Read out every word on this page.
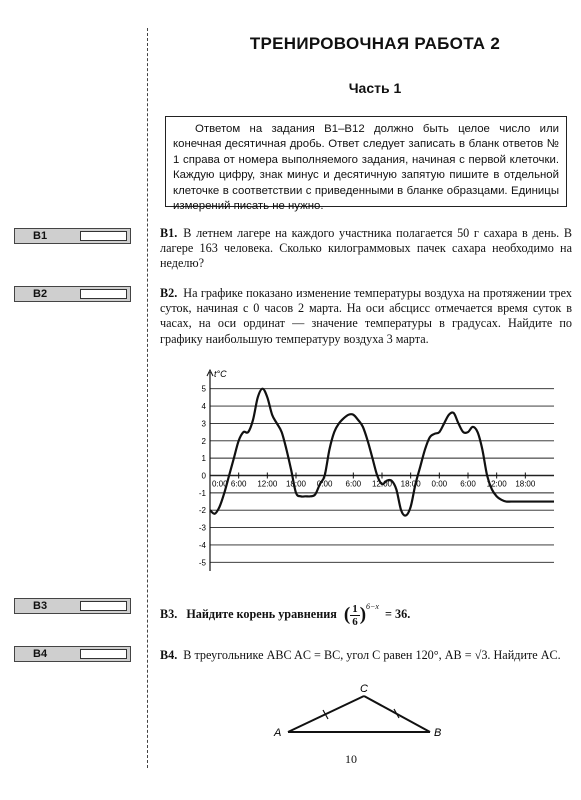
ТРЕНИРОВОЧНАЯ РАБОТА 2
Часть 1
Ответом на задания В1–В12 должно быть целое число или конечная десятичная дробь. Ответ следует записать в бланк ответов № 1 справа от номера выполняемого задания, начиная с первой клеточки. Каждую цифру, знак минус и десятичную запятую пишите в отдельной клеточке в соответствии с приведенными в бланке образцами. Единицы измерений писать не нужно.
В1
В2
В3
В4
В1. В летнем лагере на каждого участника полагается 50 г сахара в день. В лагере 163 человека. Сколько килограммовых пачек сахара необходимо на неделю?
В2. На графике показано изменение температуры воздуха на протяжении трех суток, начиная с 0 часов 2 марта. На оси абсцисс отмечается время суток в часах, на оси ординат — значение температуры в градусах. Найдите по графику наибольшую температуру воздуха 3 марта.
5
4
3
2
1
0
-1
-2
-3
-4
-5
t°C
0:00 6:00 12:00 18:00 0:00 6:00 12:00 18:00 0:00 6:00 12:00 18:00
В3. Найдите корень уравнения ( $\frac{1}{6} )^{6-x} = 36$.
В4. В треугольнике ABC AC = BC, угол C равен 120°, AB = √3. Найдите AC.
A	B
C
10
